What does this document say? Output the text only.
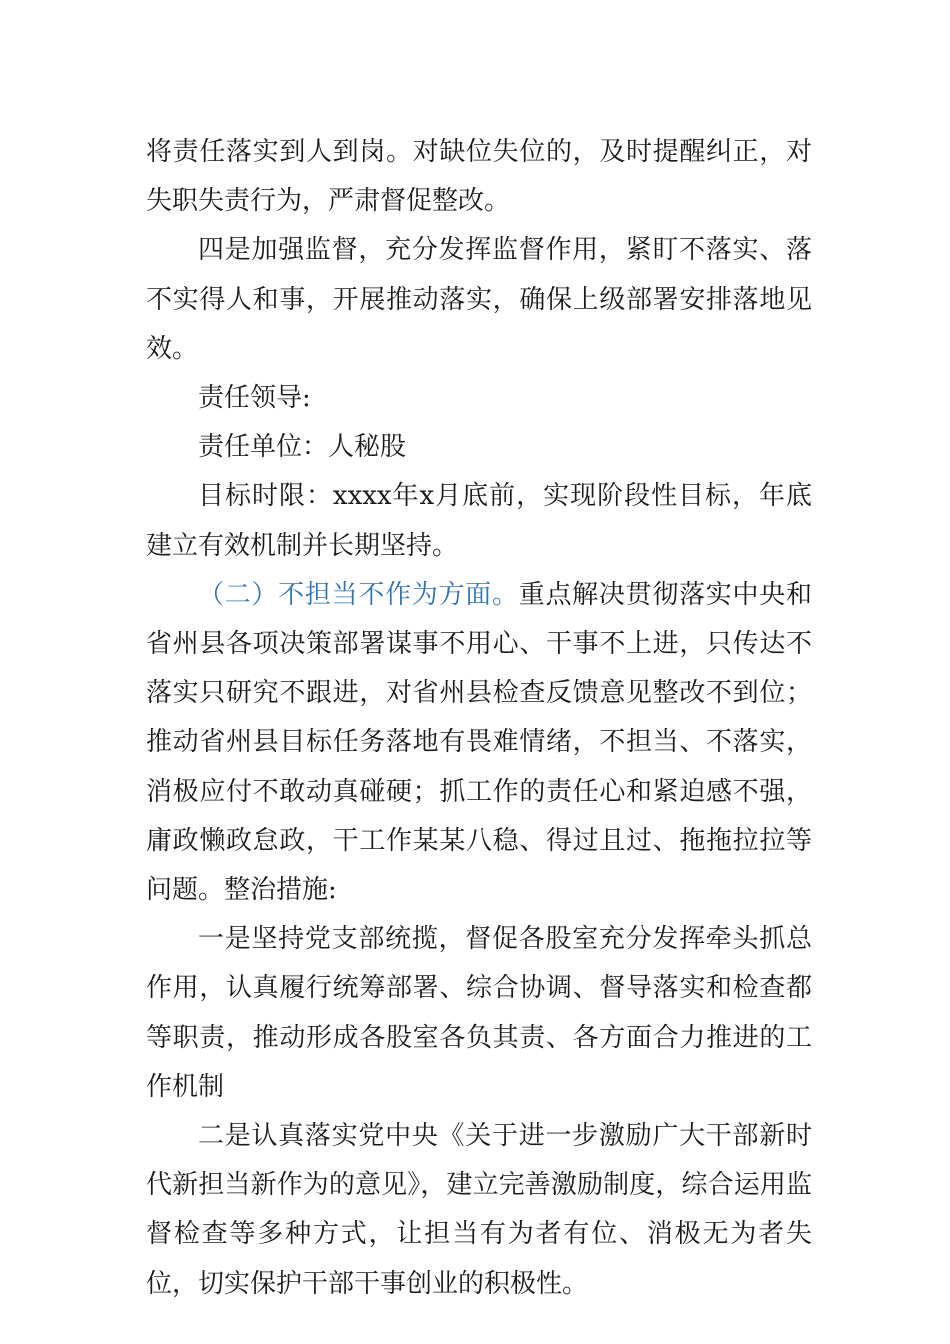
将责任落实到人到岗。对缺位失位的，及时提醒纠正，对失职失责行为，严肃督促整改。

四是加强监督，充分发挥监督作用，紧盯不落实、落不实得人和事，开展推动落实，确保上级部署安排落地见效。

责任领导:

责任单位：人秘股

目标时限：xxxx年x月底前，实现阶段性目标，年底建立有效机制并长期坚持。

（二）不担当不作为方面。重点解决贯彻落实中央和省州县各项决策部署谋事不用心、干事不上进，只传达不落实只研究不跟进，对省州县检查反馈意见整改不到位；推动省州县目标任务落地有畏难情绪，不担当、不落实，消极应付不敢动真碰硬；抓工作的责任心和紧迫感不强，庸政懒政怠政，干工作某某八稳、得过且过、拖拖拉拉等问题。整治措施:

一是坚持党支部统揽，督促各股室充分发挥牵头抓总作用，认真履行统筹部署、综合协调、督导落实和检查都等职责，推动形成各股室各负其责、各方面合力推进的工作机制

二是认真落实党中央《关于进一步激励广大干部新时代新担当新作为的意见》，建立完善激励制度，综合运用监督检查等多种方式，让担当有为者有位、消极无为者失位，切实保护干部干事创业的积极性。
